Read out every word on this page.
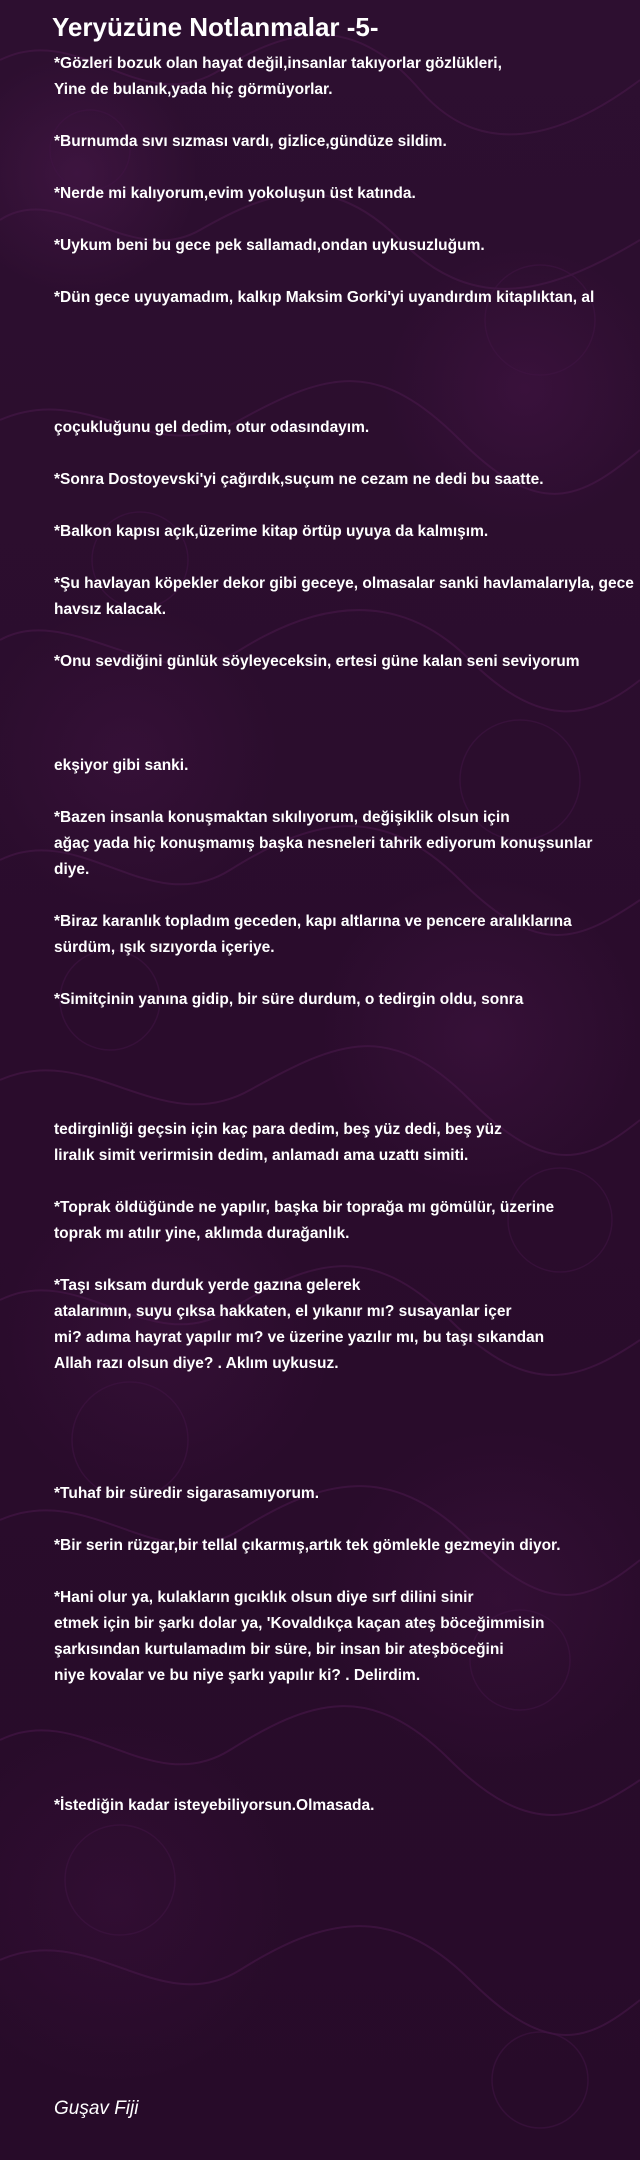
Yeryüzüne Notlanmalar -5-
*Gözleri bozuk olan hayat değil,insanlar takıyorlar gözlükleri,
Yine de bulanık,yada hiç görmüyorlar.
*Burnumda sıvı sızması vardı, gizlice,gündüze sildim.
*Nerde mi kalıyorum,evim yokoluşun üst katında.
*Uykum beni bu gece pek sallamadı,ondan uykusuzluğum.
*Dün gece uyuyamadım, kalkıp Maksim Gorki'yi uyandırdım kitaplıktan, al
çoçukluğunu gel dedim, otur odasındayım.
*Sonra Dostoyevski'yi çağırdık,suçum ne cezam ne dedi bu saatte.
*Balkon kapısı açık,üzerime kitap örtüp uyuya da kalmışım.
*Şu havlayan köpekler dekor gibi geceye, olmasalar sanki havlamalarıyla, gece
havsız kalacak.
*Onu sevdiğini günlük söyleyeceksin, ertesi güne kalan seni seviyorum
ekşiyor gibi sanki.
*Bazen insanla konuşmaktan sıkılıyorum, değişiklik olsun için
ağaç yada hiç konuşmamış başka nesneleri tahrik ediyorum konuşsunlar
diye.
*Biraz karanlık topladım geceden, kapı altlarına ve pencere aralıklarına
sürdüm, ışık sızıyorda içeriye.
*Simitçinin yanına gidip, bir süre durdum, o tedirgin oldu, sonra
tedirginliği geçsin için kaç para dedim, beş yüz dedi, beş yüz
liralık simit verirmisin dedim, anlamadı ama uzattı simiti.
*Toprak öldüğünde ne yapılır, başka bir toprağa mı gömülür, üzerine
toprak mı atılır yine, aklımda durağanlık.
*Taşı sıksam durduk yerde gazına gelerek
atalarımın, suyu çıksa hakkaten, el yıkanır mı? susayanlar içer
mi? adıma hayrat yapılır mı? ve üzerine yazılır mı, bu taşı sıkandan
Allah razı olsun diye? . Aklım uykusuz.
*Tuhaf bir süredir sigarasamıyorum.
*Bir serin rüzgar,bir tellal çıkarmış,artık tek gömlekle gezmeyin diyor.
*Hani olur ya, kulakların gıcıklık olsun diye sırf dilini sinir
etmek için bir şarkı dolar ya, 'Kovaldıkça kaçan ateş böceğimmisin
şarkısından kurtulamadım bir süre, bir insan bir ateşböceğini
niye kovalar ve bu niye şarkı yapılır ki? . Delirdim.
*İstediğin kadar isteyebiliyorsun.Olmasada.
Guşav Fiji
